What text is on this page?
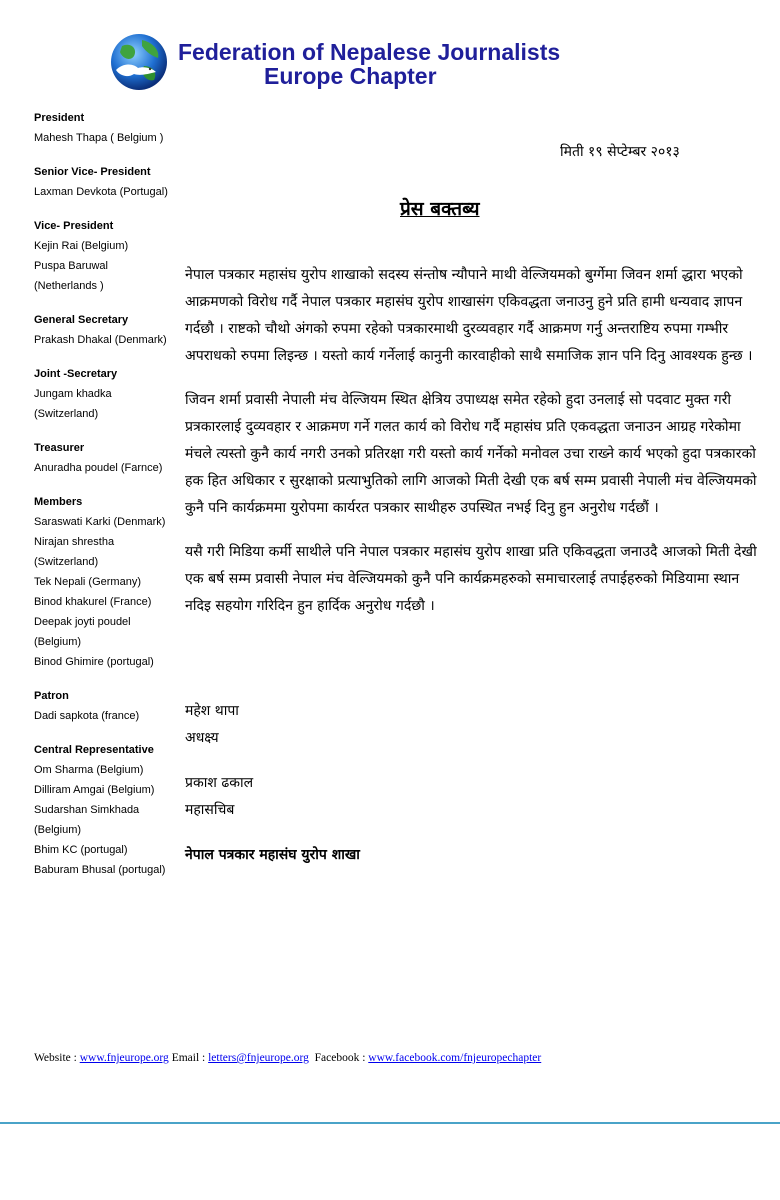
Federation of Nepalese Journalists
Europe Chapter
President
Mahesh Thapa ( Belgium )
Senior Vice- President
Laxman Devkota (Portugal)
Vice- President
Kejin Rai (Belgium)
Puspa Baruwal
(Netherlands )
General Secretary
Prakash Dhakal (Denmark)
Joint -Secretary
Jungam khadka
(Switzerland)
Treasurer
Anuradha poudel (Farnce)
Members
Saraswati Karki (Denmark)
Nirajan shrestha
(Switzerland)
Tek Nepali (Germany)
Binod khakurel (France)
Deepak joyti poudel
(Belgium)
Binod Ghimire (portugal)
Patron
Dadi sapkota (france)
Central Representative
Om Sharma (Belgium)
Dilliram Amgai (Belgium)
Sudarshan Simkhada
(Belgium)
Bhim KC (portugal)
Baburam Bhusal (portugal)
मिती १९ सेप्टेम्बर २०१३
प्रेस बक्तब्य

नेपाल पत्रकार महासंघ युरोप शाखाको सदस्य संन्तोष न्यौपाने माथी वेल्जियमको बुर्ग्गेमा जिवन शर्मा द्धारा भएको आक्रमणको विरोध गर्दै नेपाल पत्रकार महासंघ युरोप शाखासंग एकिवद्धता जनाउनु हुने प्रति हामी धन्यवाद ज्ञापन गर्दछौ । राष्टको चौथो अंगको रुपमा रहेको पत्रकारमाथी दुरव्यवहार गर्दै आक्रमण गर्नु अन्तराष्टिय रुपमा गम्भीर अपराधको रुपमा लिइन्छ । यस्तो कार्य गर्नेलाई कानुनी कारवाहीको साथै समाजिक ज्ञान पनि दिनु आवश्यक हुन्छ ।

जिवन शर्मा प्रवासी नेपाली मंच वेल्जियम स्थित क्षेत्रिय उपाध्यक्ष समेत रहेको हुदा उनलाई सो पदवाट मुक्त गरी प्रत्रकारलाई दुव्यवहार र आक्रमण गर्ने गलत कार्य को विरोध गर्दै महासंघ प्रति एकवद्धता जनाउन आग्रह गरेकोमा मंचले त्यस्तो कुनै कार्य नगरी उनको प्रतिरक्षा गरी यस्तो कार्य गर्नेको मनोवल उचा राख्ने कार्य भएको हुदा पत्रकारको हक हित अधिकार र सुरक्षाको प्रत्याभुतिको लागि आजको मिती देखी एक बर्ष सम्म प्रवासी नेपाली मंच वेल्जियमको कुनै पनि कार्यक्रममा युरोपमा कार्यरत पत्रकार साथीहरु उपस्थित नभई दिनु हुन अनुरोध गर्दछौं ।

यसै गरी मिडिया कर्मी साथीले पनि नेपाल पत्रकार महासंघ युरोप शाखा प्रति एकिवद्धता जनाउदै आजको मिती देखी एक बर्ष सम्म प्रवासी नेपाल मंच वेल्जियमको कुनै पनि कार्यक्रमहरुको समाचारलाई तपाईहरुको मिडियामा स्थान नदिइ सहयोग गरिदिन हुन हार्दिक अनुरोध गर्दछौ ।

महेश थापा
अधक्ष्य
प्रकाश ढकाल
महासचिब
नेपाल पत्रकार महासंघ युरोप शाखा
Website : www.fnjeurope.org Email : letters@fnjeurope.org Facebook : www.facebook.com/fnjeuropechapter
